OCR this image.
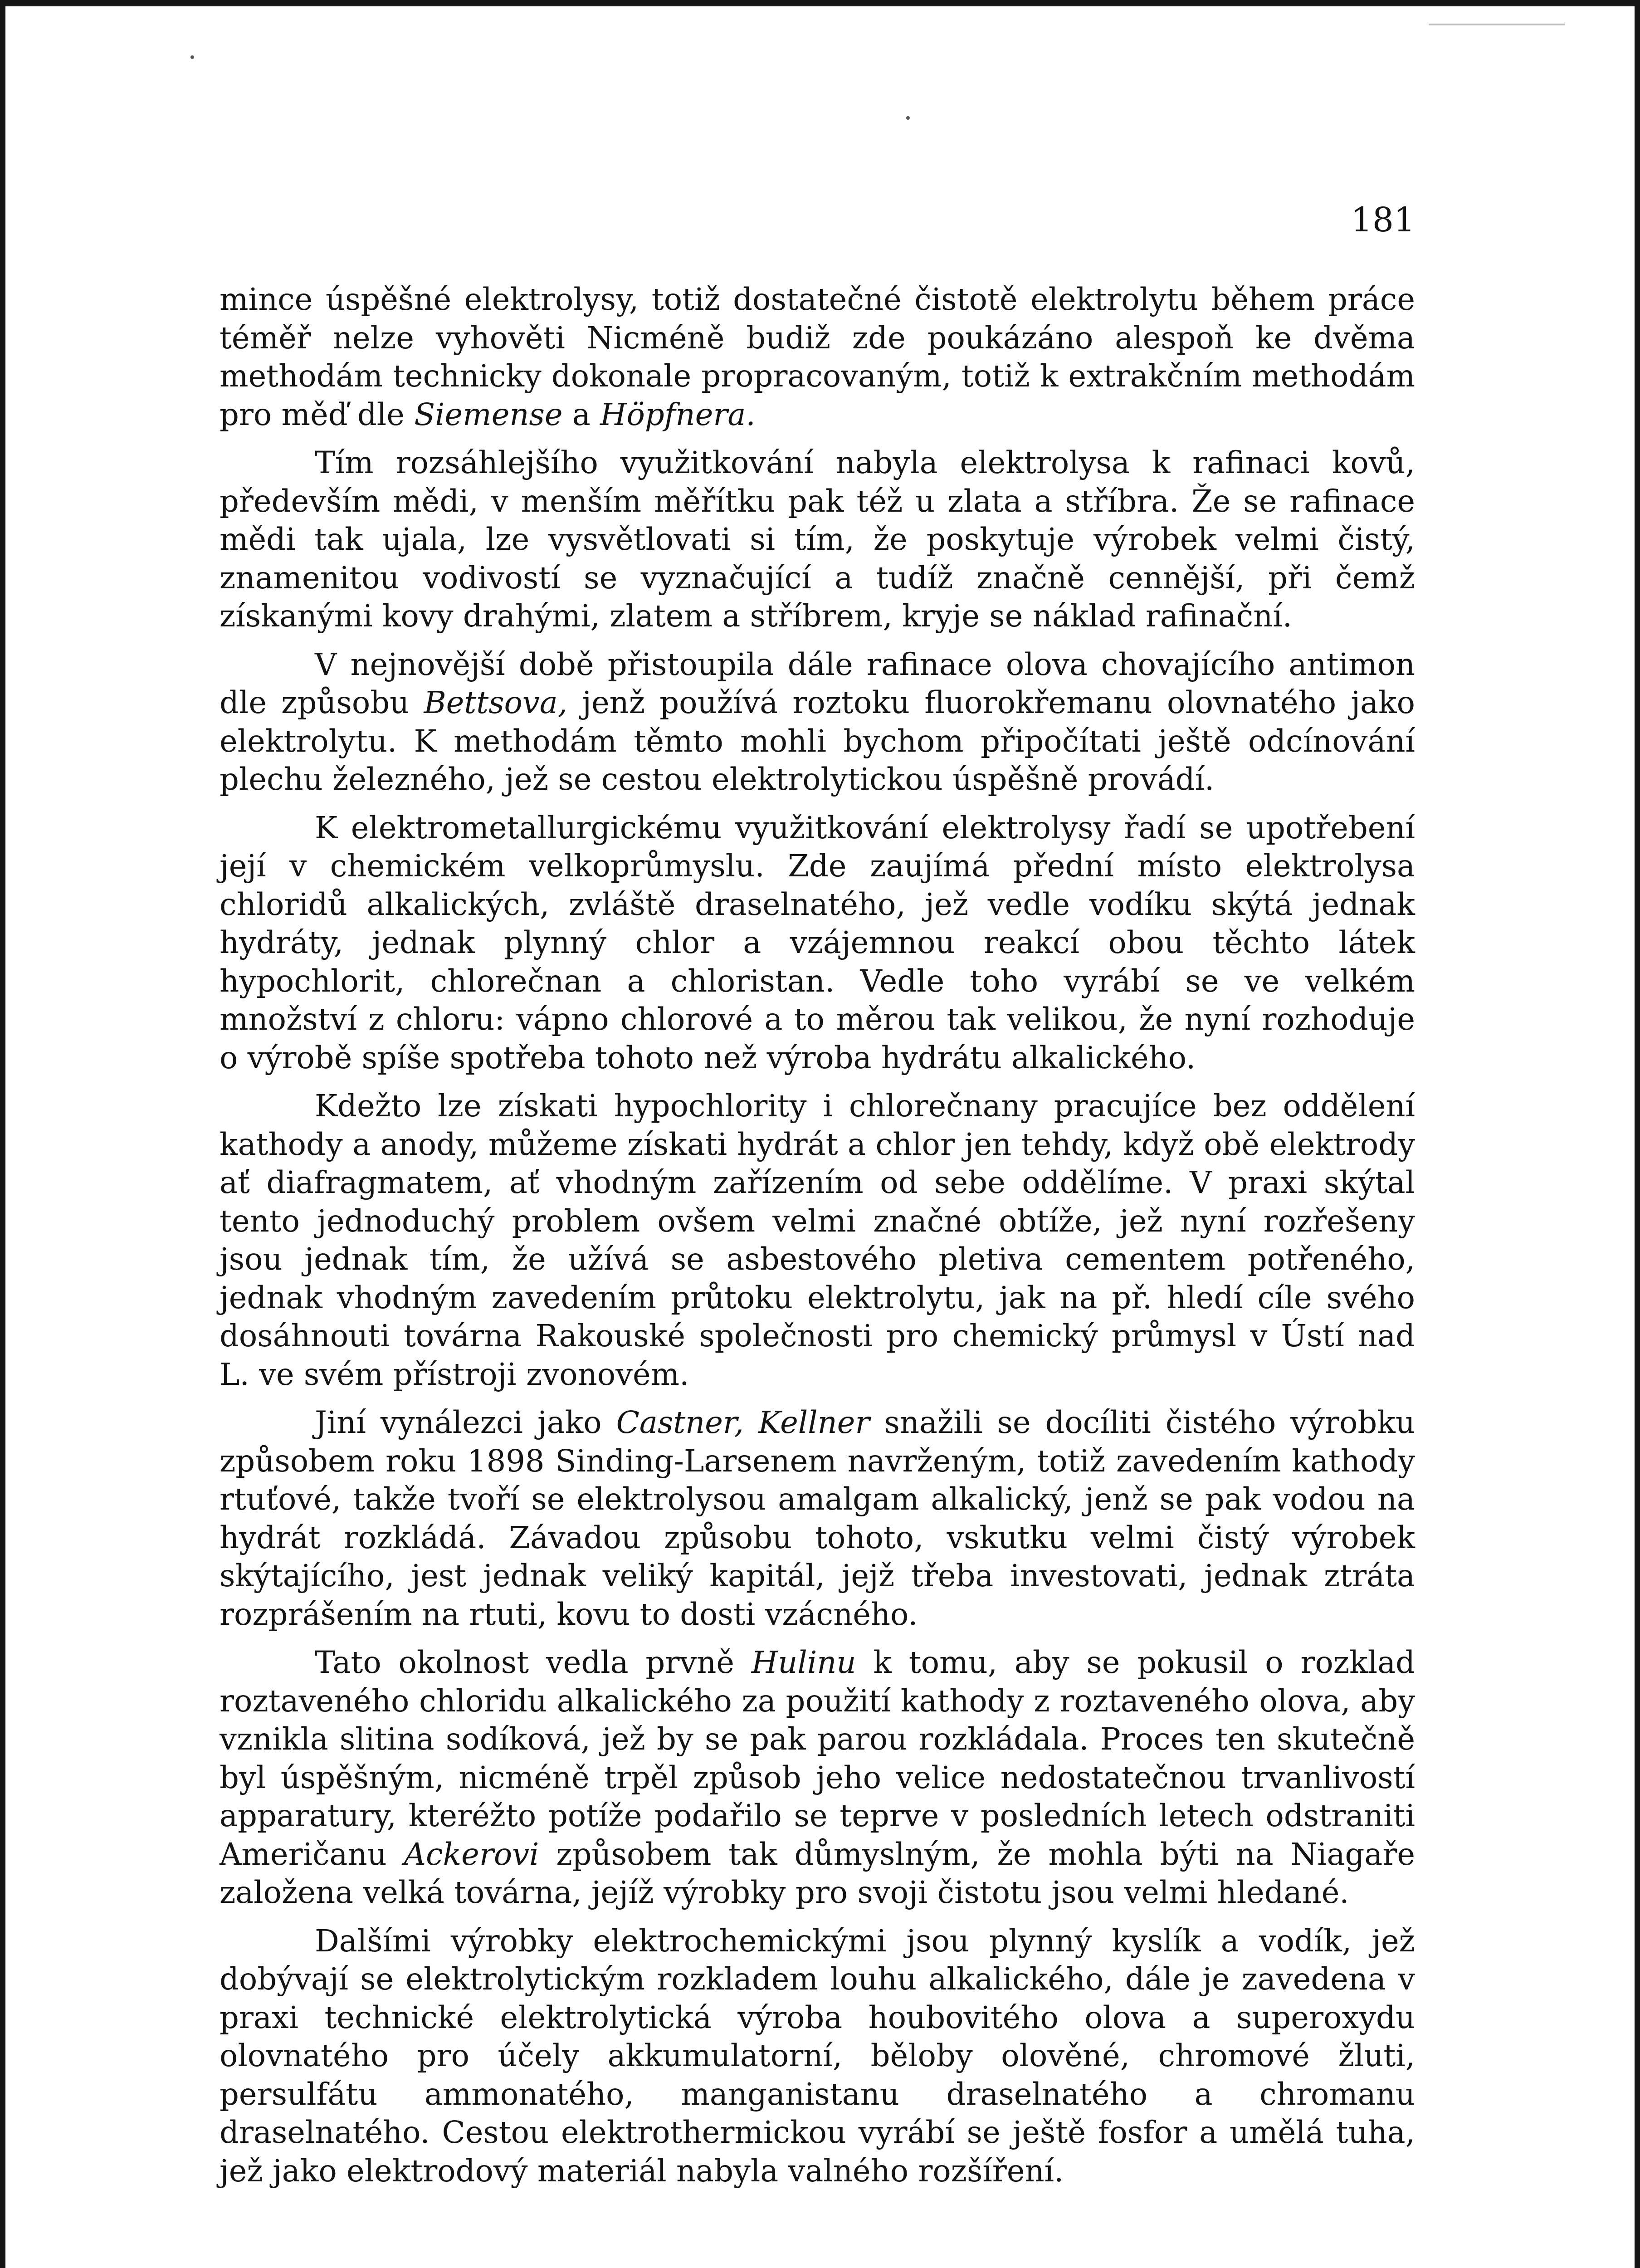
181

mince úspěšné elektrolysy, totiž dostatečné čistotě elektrolytu během práce téměř nelze vyhověti Nicméně budiž zde poukázáno alespoň ke dvěma methodám technicky dokonale propracovaným, totiž k extrakčním methodám pro měď dle Siemense a Höpfnera.

Tím rozsáhlejšího využitkování nabyla elektrolysa k rafinaci kovů, především mědi, v menším měřítku pak též u zlata a stříbra. Že se rafinace mědi tak ujala, lze vysvětlovati si tím, že poskytuje výrobek velmi čistý, znamenitou vodivostí se vyznačující a tudíž značně cennější, při čemž získanými kovy drahými, zlatem a stříbrem, kryje se náklad rafinační.

V nejnovější době přistoupila dále rafinace olova chovajícího antimon dle způsobu Bettsova, jenž používá roztoku fluorokřemanu olovnatého jako elektrolytu. K methodám těmto mohli bychom připočítati ještě odcínování plechu železného, jež se cestou elektrolytickou úspěšně provádí.

K elektrometallurgickému využitkování elektrolysy řadí se upotřebení její v chemickém velkoprůmyslu. Zde zaujímá přední místo elektrolysa chloridů alkalických, zvláště draselnatého, jež vedle vodíku skýtá jednak hydráty, jednak plynný chlor a vzájemnou reakcí obou těchto látek hypochlorit, chlorečnan a chloristan. Vedle toho vyrábí se ve velkém množství z chloru: vápno chlorové a to měrou tak velikou, že nyní rozhoduje o výrobě spíše spotřeba tohoto než výroba hydrátu alkalického.

Kdežto lze získati hypochlority i chlorečnany pracujíce bez oddělení kathody a anody, můžeme získati hydrát a chlor jen tehdy, když obě elektrody ať diafragmatem, ať vhodným zařízením od sebe oddělíme. V praxi skýtal tento jednoduchý problem ovšem velmi značné obtíže, jež nyní rozřešeny jsou jednak tím, že užívá se asbestového pletiva cementem potřeného, jednak vhodným zavedením průtoku elektrolytu, jak na př. hledí cíle svého dosáhnouti továrna Rakouské společnosti pro chemický průmysl v Ústí nad L. ve svém přístroji zvonovém.

Jiní vynálezci jako Castner, Kellner snažili se docíliti čistého výrobku způsobem roku 1898 Sinding-Larsenem navrženým, totiž zavedením kathody rtuťové, takže tvoří se elektrolysou amalgam alkalický, jenž se pak vodou na hydrát rozkládá. Závadou způsobu tohoto, vskutku velmi čistý výrobek skýtajícího, jest jednak veliký kapitál, jejž třeba investovati, jednak ztráta rozprášením na rtuti, kovu to dosti vzácného.

Tato okolnost vedla prvně Hulinu k tomu, aby se pokusil o rozklad roztaveného chloridu alkalického za použití kathody z roztaveného olova, aby vznikla slitina sodíková, jež by se pak parou rozkládala. Proces ten skutečně byl úspěšným, nicméně trpěl způsob jeho velice nedostatečnou trvanlivostí apparatury, kteréžto potíže podařilo se teprve v posledních letech odstraniti Američanu Ackerovi způsobem tak důmyslným, že mohla býti na Niagaře založena velká továrna, jejíž výrobky pro svoji čistotu jsou velmi hledané.

Dalšími výrobky elektrochemickými jsou plynný kyslík a vodík, jež dobývají se elektrolytickým rozkladem louhu alkalického, dále je zavedena v praxi technické elektrolytická výroba houbovitého olova a superoxydu olovnatého pro účely akkumulatorní, běloby olověné, chromové žluti, persulfátu ammonatého, manganistanu draselnatého a chromanu draselnatého. Cestou elektrothermickou vyrábí se ještě fosfor a umělá tuha, jež jako elektrodový materiál nabyla valného rozšíření.
